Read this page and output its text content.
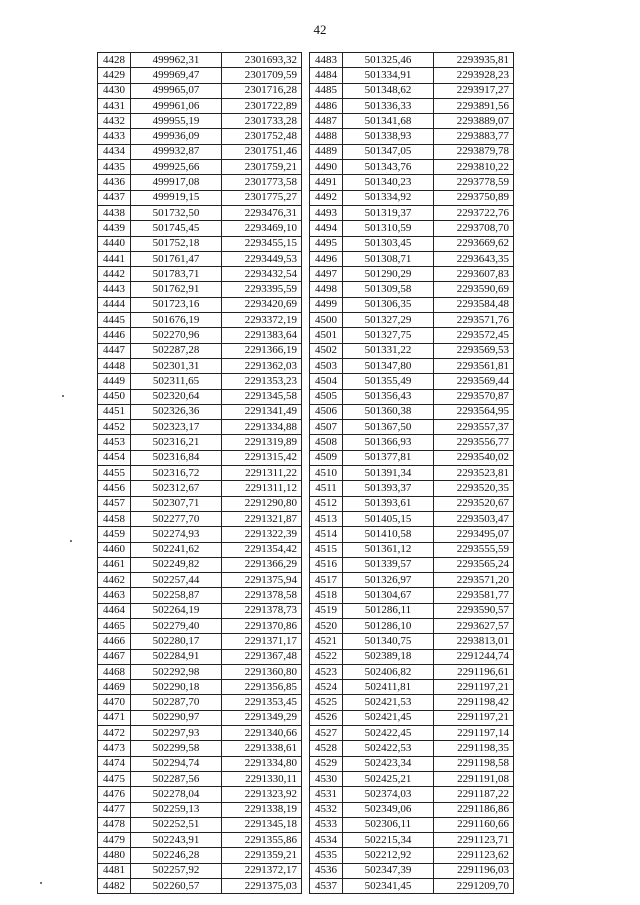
42
4428	499962,31	2301693,32
4429	499969,47	2301709,59
4430	499965,07	2301716,28
4431	499961,06	2301722,89
4432	499955,19	2301733,28
4433	499936,09	2301752,48
4434	499932,87	2301751,46
4435	499925,66	2301759,21
4436	499917,08	2301773,58
4437	499919,15	2301775,27
4438	501732,50	2293476,31
4439	501745,45	2293469,10
4440	501752,18	2293455,15
4441	501761,47	2293449,53
4442	501783,71	2293432,54
4443	501762,91	2293395,59
4444	501723,16	2293420,69
4445	501676,19	2293372,19
4446	502270,96	2291383,64
4447	502287,28	2291366,19
4448	502301,31	2291362,03
4449	502311,65	2291353,23
4450	502320,64	2291345,58
4451	502326,36	2291341,49
4452	502323,17	2291334,88
4453	502316,21	2291319,89
4454	502316,84	2291315,42
4455	502316,72	2291311,22
4456	502312,67	2291311,12
4457	502307,71	2291290,80
4458	502277,70	2291321,87
4459	502274,93	2291322,39
4460	502241,62	2291354,42
4461	502249,82	2291366,29
4462	502257,44	2291375,94
4463	502258,87	2291378,58
4464	502264,19	2291378,73
4465	502279,40	2291370,86
4466	502280,17	2291371,17
4467	502284,91	2291367,48
4468	502292,98	2291360,80
4469	502290,18	2291356,85
4470	502287,70	2291353,45
4471	502290,97	2291349,29
4472	502297,93	2291340,66
4473	502299,58	2291338,61
4474	502294,74	2291334,80
4475	502287,56	2291330,11
4476	502278,04	2291323,92
4477	502259,13	2291338,19
4478	502252,51	2291345,18
4479	502243,91	2291355,86
4480	502246,28	2291359,21
4481	502257,92	2291372,17
4482	502260,57	2291375,03
4483	501325,46	2293935,81
4484	501334,91	2293928,23
4485	501348,62	2293917,27
4486	501336,33	2293891,56
4487	501341,68	2293889,07
4488	501338,93	2293883,77
4489	501347,05	2293879,78
4490	501343,76	2293810,22
4491	501340,23	2293778,59
4492	501334,92	2293750,89
4493	501319,37	2293722,76
4494	501310,59	2293708,70
4495	501303,45	2293669,62
4496	501308,71	2293643,35
4497	501290,29	2293607,83
4498	501309,58	2293590,69
4499	501306,35	2293584,48
4500	501327,29	2293571,76
4501	501327,75	2293572,45
4502	501331,22	2293569,53
4503	501347,80	2293561,81
4504	501355,49	2293569,44
4505	501356,43	2293570,87
4506	501360,38	2293564,95
4507	501367,50	2293557,37
4508	501366,93	2293556,77
4509	501377,81	2293540,02
4510	501391,34	2293523,81
4511	501393,37	2293520,35
4512	501393,61	2293520,67
4513	501405,15	2293503,47
4514	501410,58	2293495,07
4515	501361,12	2293555,59
4516	501339,57	2293565,24
4517	501326,97	2293571,20
4518	501304,67	2293581,77
4519	501286,11	2293590,57
4520	501286,10	2293627,57
4521	501340,75	2293813,01
4522	502389,18	2291244,74
4523	502406,82	2291196,61
4524	502411,81	2291197,21
4525	502421,53	2291198,42
4526	502421,45	2291197,21
4527	502422,45	2291197,14
4528	502422,53	2291198,35
4529	502423,34	2291198,58
4530	502425,21	2291191,08
4531	502374,03	2291187,22
4532	502349,06	2291186,86
4533	502306,11	2291160,66
4534	502215,34	2291123,71
4535	502212,92	2291123,62
4536	502347,39	2291196,03
4537	502341,45	2291209,70
